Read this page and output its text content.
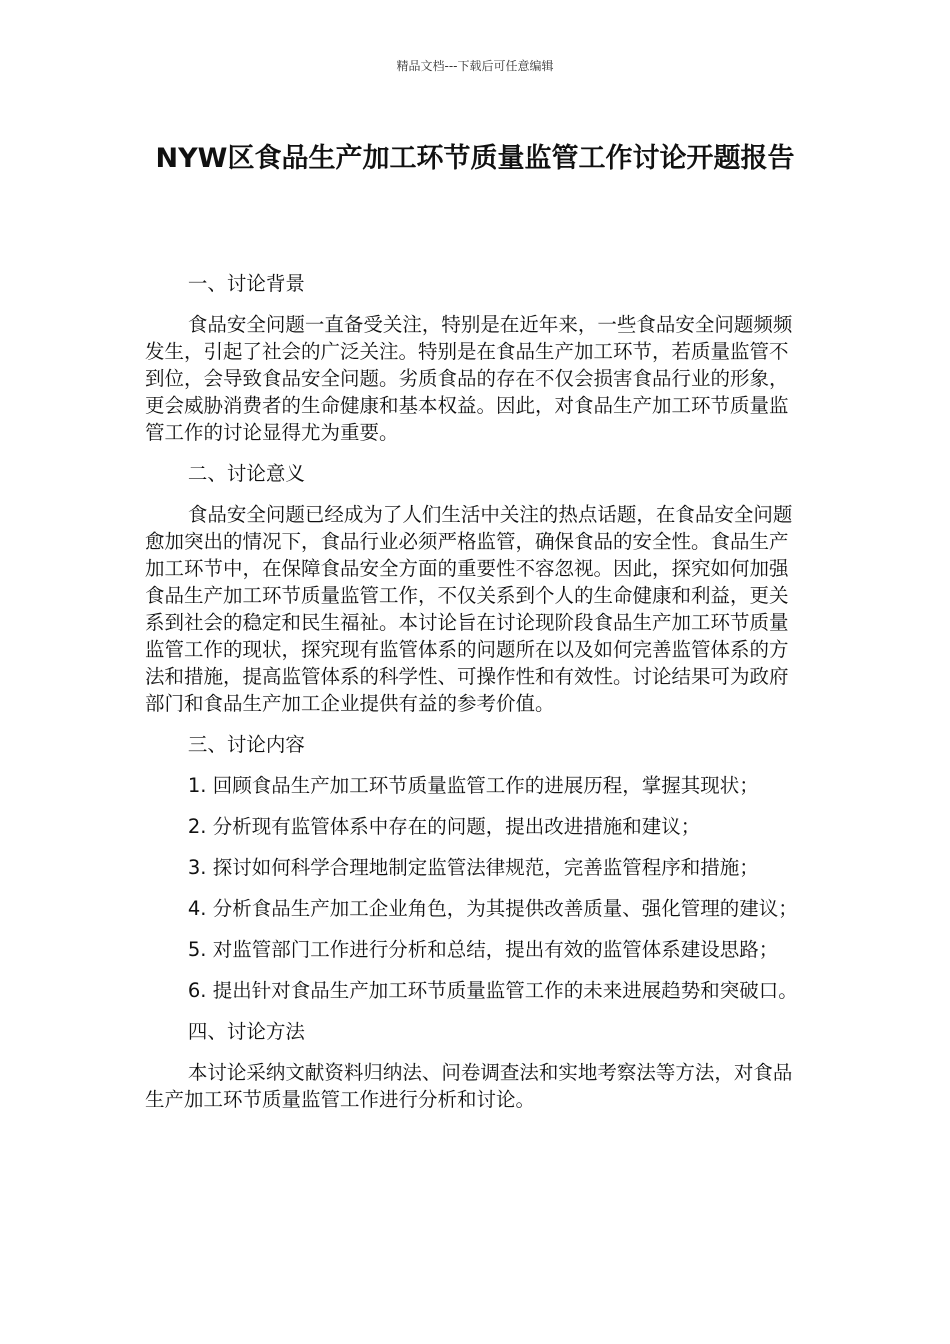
精品文档---下载后可任意编辑
NYW区食品生产加工环节质量监管工作讨论开题报告
一、讨论背景

食品安全问题一直备受关注，特别是在近年来，一些食品安全问题频频发生，引起了社会的广泛关注。特别是在食品生产加工环节，若质量监管不到位，会导致食品安全问题。劣质食品的存在不仅会损害食品行业的形象，更会威胁消费者的生命健康和基本权益。因此，对食品生产加工环节质量监管工作的讨论显得尤为重要。

二、讨论意义

食品安全问题已经成为了人们生活中关注的热点话题，在食品安全问题愈加突出的情况下，食品行业必须严格监管，确保食品的安全性。食品生产加工环节中，在保障食品安全方面的重要性不容忽视。因此，探究如何加强食品生产加工环节质量监管工作，不仅关系到个人的生命健康和利益，更关系到社会的稳定和民生福祉。本讨论旨在讨论现阶段食品生产加工环节质量监管工作的现状，探究现有监管体系的问题所在以及如何完善监管体系的方法和措施，提高监管体系的科学性、可操作性和有效性。讨论结果可为政府部门和食品生产加工企业提供有益的参考价值。

三、讨论内容
1. 回顾食品生产加工环节质量监管工作的进展历程，掌握其现状；
2. 分析现有监管体系中存在的问题，提出改进措施和建议；
3. 探讨如何科学合理地制定监管法律规范，完善监管程序和措施；
4. 分析食品生产加工企业角色，为其提供改善质量、强化管理的建议；
5. 对监管部门工作进行分析和总结，提出有效的监管体系建设思路；
6. 提出针对食品生产加工环节质量监管工作的未来进展趋势和突破口。
四、讨论方法

本讨论采纳文献资料归纳法、问卷调查法和实地考察法等方法，对食品生产加工环节质量监管工作进行分析和讨论。
